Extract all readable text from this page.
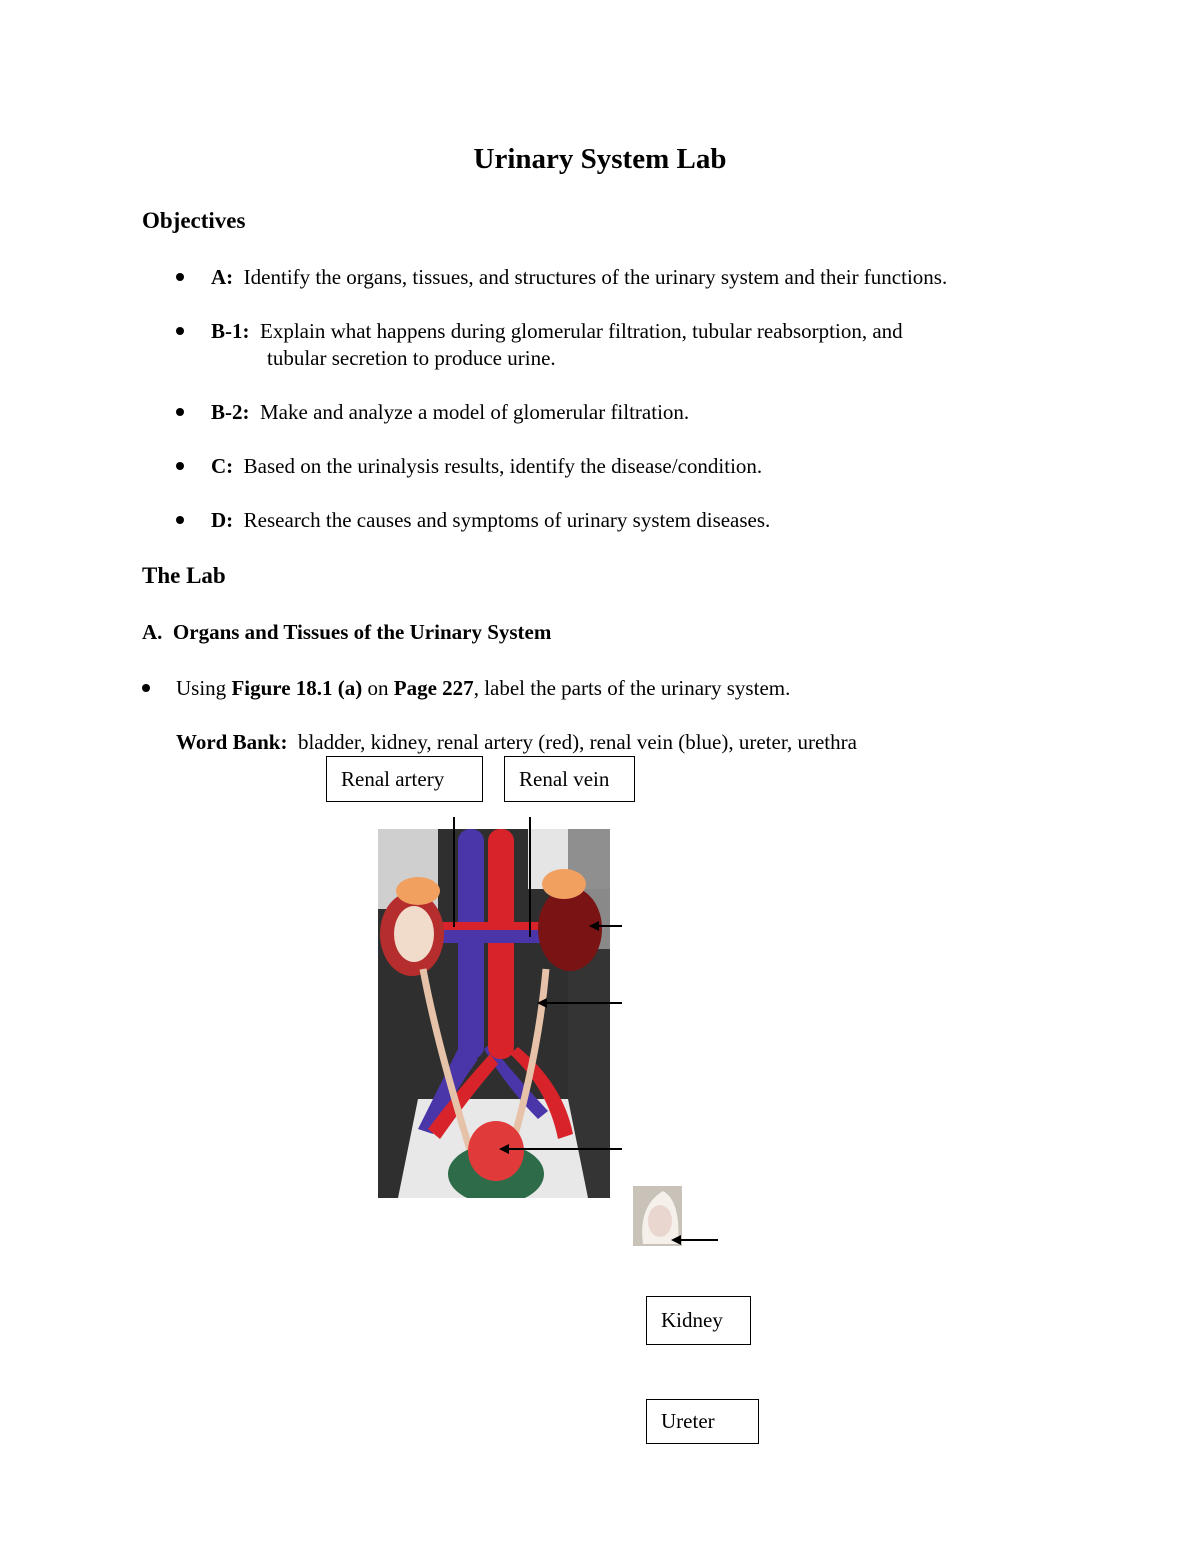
Urinary System Lab
Objectives
A: Identify the organs, tissues, and structures of the urinary system and their functions.
B-1: Explain what happens during glomerular filtration, tubular reabsorption, and
tubular secretion to produce urine.
B-2: Make and analyze a model of glomerular filtration.
C: Based on the urinalysis results, identify the disease/condition.
D: Research the causes and symptoms of urinary system diseases.
The Lab
A. Organs and Tissues of the Urinary System
Using Figure 18.1 (a) on Page 227, label the parts of the urinary system.
Word Bank: bladder, kidney, renal artery (red), renal vein (blue), ureter, urethra
Renal artery	Renal vein
Kidney
Ureter
